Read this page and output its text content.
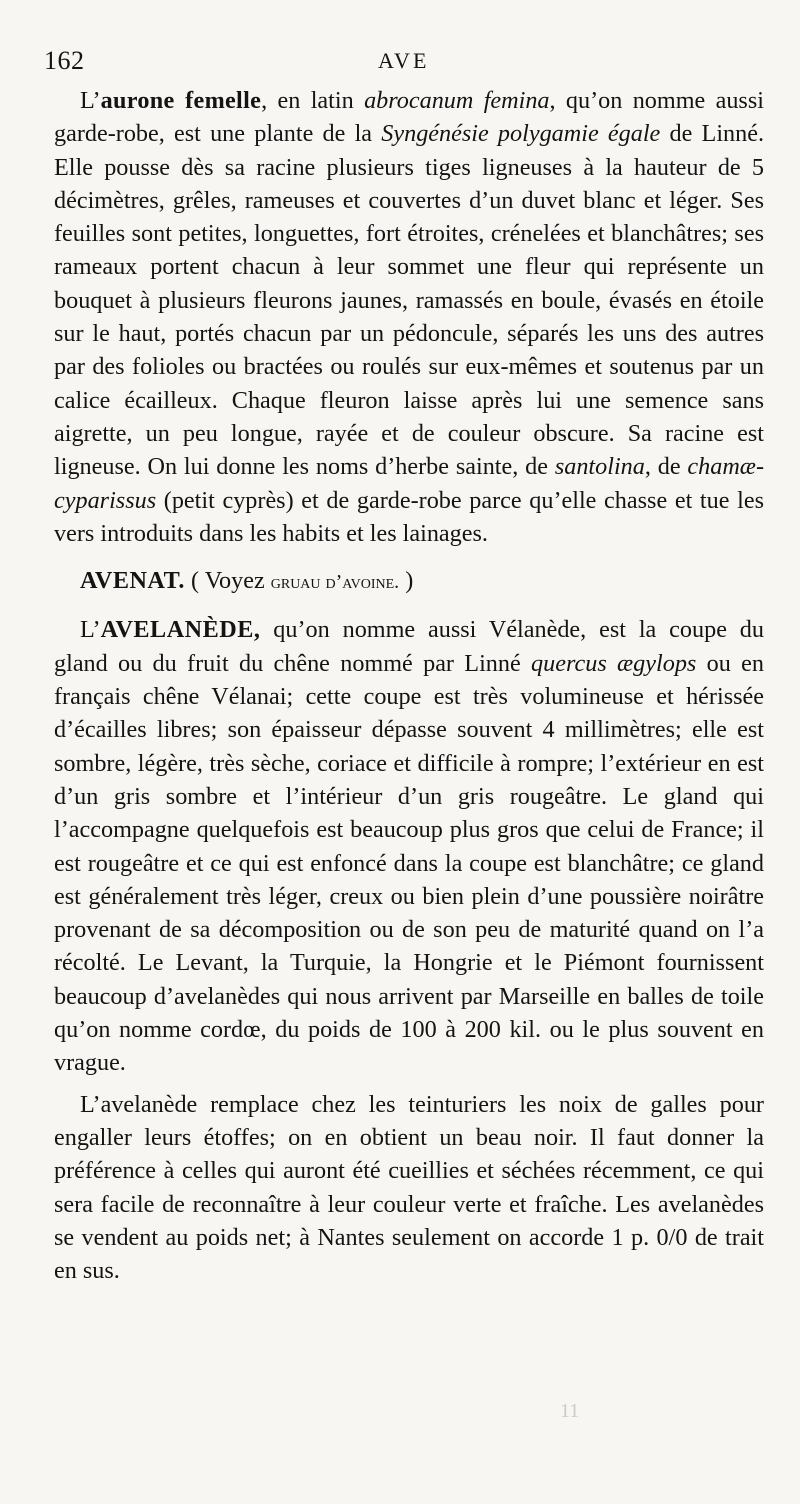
162	AVE

L’aurone femelle, en latin abrocanum femina, qu’on nomme aussi garde-robe, est une plante de la Syngénésie polygamie égale de Linné. Elle pousse dès sa racine plusieurs tiges ligneuses à la hauteur de 5 décimètres, grêles, rameuses et couvertes d’un duvet blanc et léger. Ses feuilles sont petites, longuettes, fort étroites, crénelées et blanchâtres; ses rameaux portent chacun à leur sommet une fleur qui représente un bouquet à plusieurs fleurons jaunes, ramassés en boule, évasés en étoile sur le haut, portés chacun par un pédoncule, séparés les uns des autres par des folioles ou bractées ou roulés sur eux-mêmes et soutenus par un calice écailleux. Chaque fleuron laisse après lui une semence sans aigrette, un peu longue, rayée et de couleur obscure. Sa racine est ligneuse. On lui donne les noms d’herbe sainte, de santolina, de chamæ-cyparissus (petit cyprès) et de garde-robe parce qu’elle chasse et tue les vers introduits dans les habits et les lainages.

AVENAT. ( Voyez gruau d’avoine. )

L’AVELANÈDE, qu’on nomme aussi Vélanède, est la coupe du gland ou du fruit du chêne nommé par Linné quercus ægylops ou en français chêne Vélanai; cette coupe est très volumineuse et hérissée d’écailles libres; son épaisseur dépasse souvent 4 millimètres; elle est sombre, légère, très sèche, coriace et difficile à rompre; l’extérieur en est d’un gris sombre et l’intérieur d’un gris rougeâtre. Le gland qui l’accompagne quelquefois est beaucoup plus gros que celui de France; il est rougeâtre et ce qui est enfoncé dans la coupe est blanchâtre; ce gland est généralement très léger, creux ou bien plein d’une poussière noirâtre provenant de sa décomposition ou de son peu de maturité quand on l’a récolté. Le Levant, la Turquie, la Hongrie et le Piémont fournissent beaucoup d’avelanèdes qui nous arrivent par Marseille en balles de toile qu’on nomme cordœ, du poids de 100 à 200 kil. ou le plus souvent en vrague.

L’avelanède remplace chez les teinturiers les noix de galles pour engaller leurs étoffes; on en obtient un beau noir. Il faut donner la préférence à celles qui auront été cueillies et séchées récemment, ce qui sera facile de reconnaître à leur couleur verte et fraîche. Les avelanèdes se vendent au poids net; à Nantes seulement on accorde 1 p. 0/0 de trait en sus.

11
